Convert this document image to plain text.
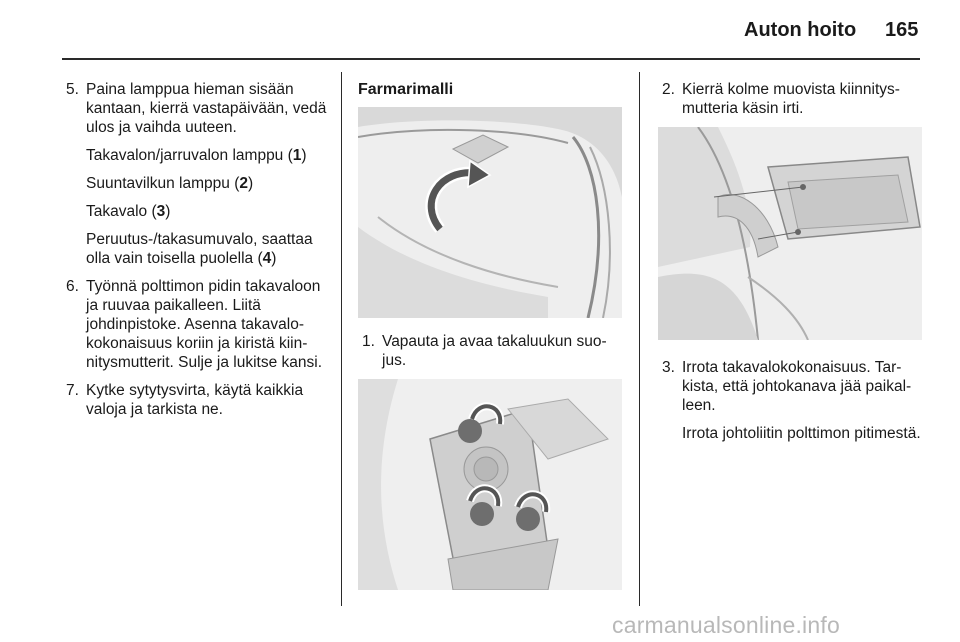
Auton hoito 165
5. Paina lamppua hieman sisään kantaan, kierrä vastapäivään, vedä ulos ja vaihda uuteen.
Takavalon/jarruvalon lamppu (1)
Suuntavilkun lamppu (2)
Takavalo (3)
Peruutus-/takasumuvalo, saattaa olla vain toisella puolella (4)
6. Työnnä polttimon pidin takavaloon ja ruuvaa paikalleen. Liitä johdinpistoke. Asenna takavalokokonaisuus koriin ja kiristä kiinnitysmutterit. Sulje ja lukitse kansi.
7. Kytke sytytysvirta, käytä kaikkia valoja ja tarkista ne.
Farmarimalli
1. Vapauta ja avaa takaluukun suojus.
2. Kierrä kolme muovista kiinnitysmutteria käsin irti.
3. Irrota takavalokokonaisuus. Tarkista, että johtokanava jää paikalleen.
Irrota johtoliitin polttimon pitimestä.
carmanualsonline.info
